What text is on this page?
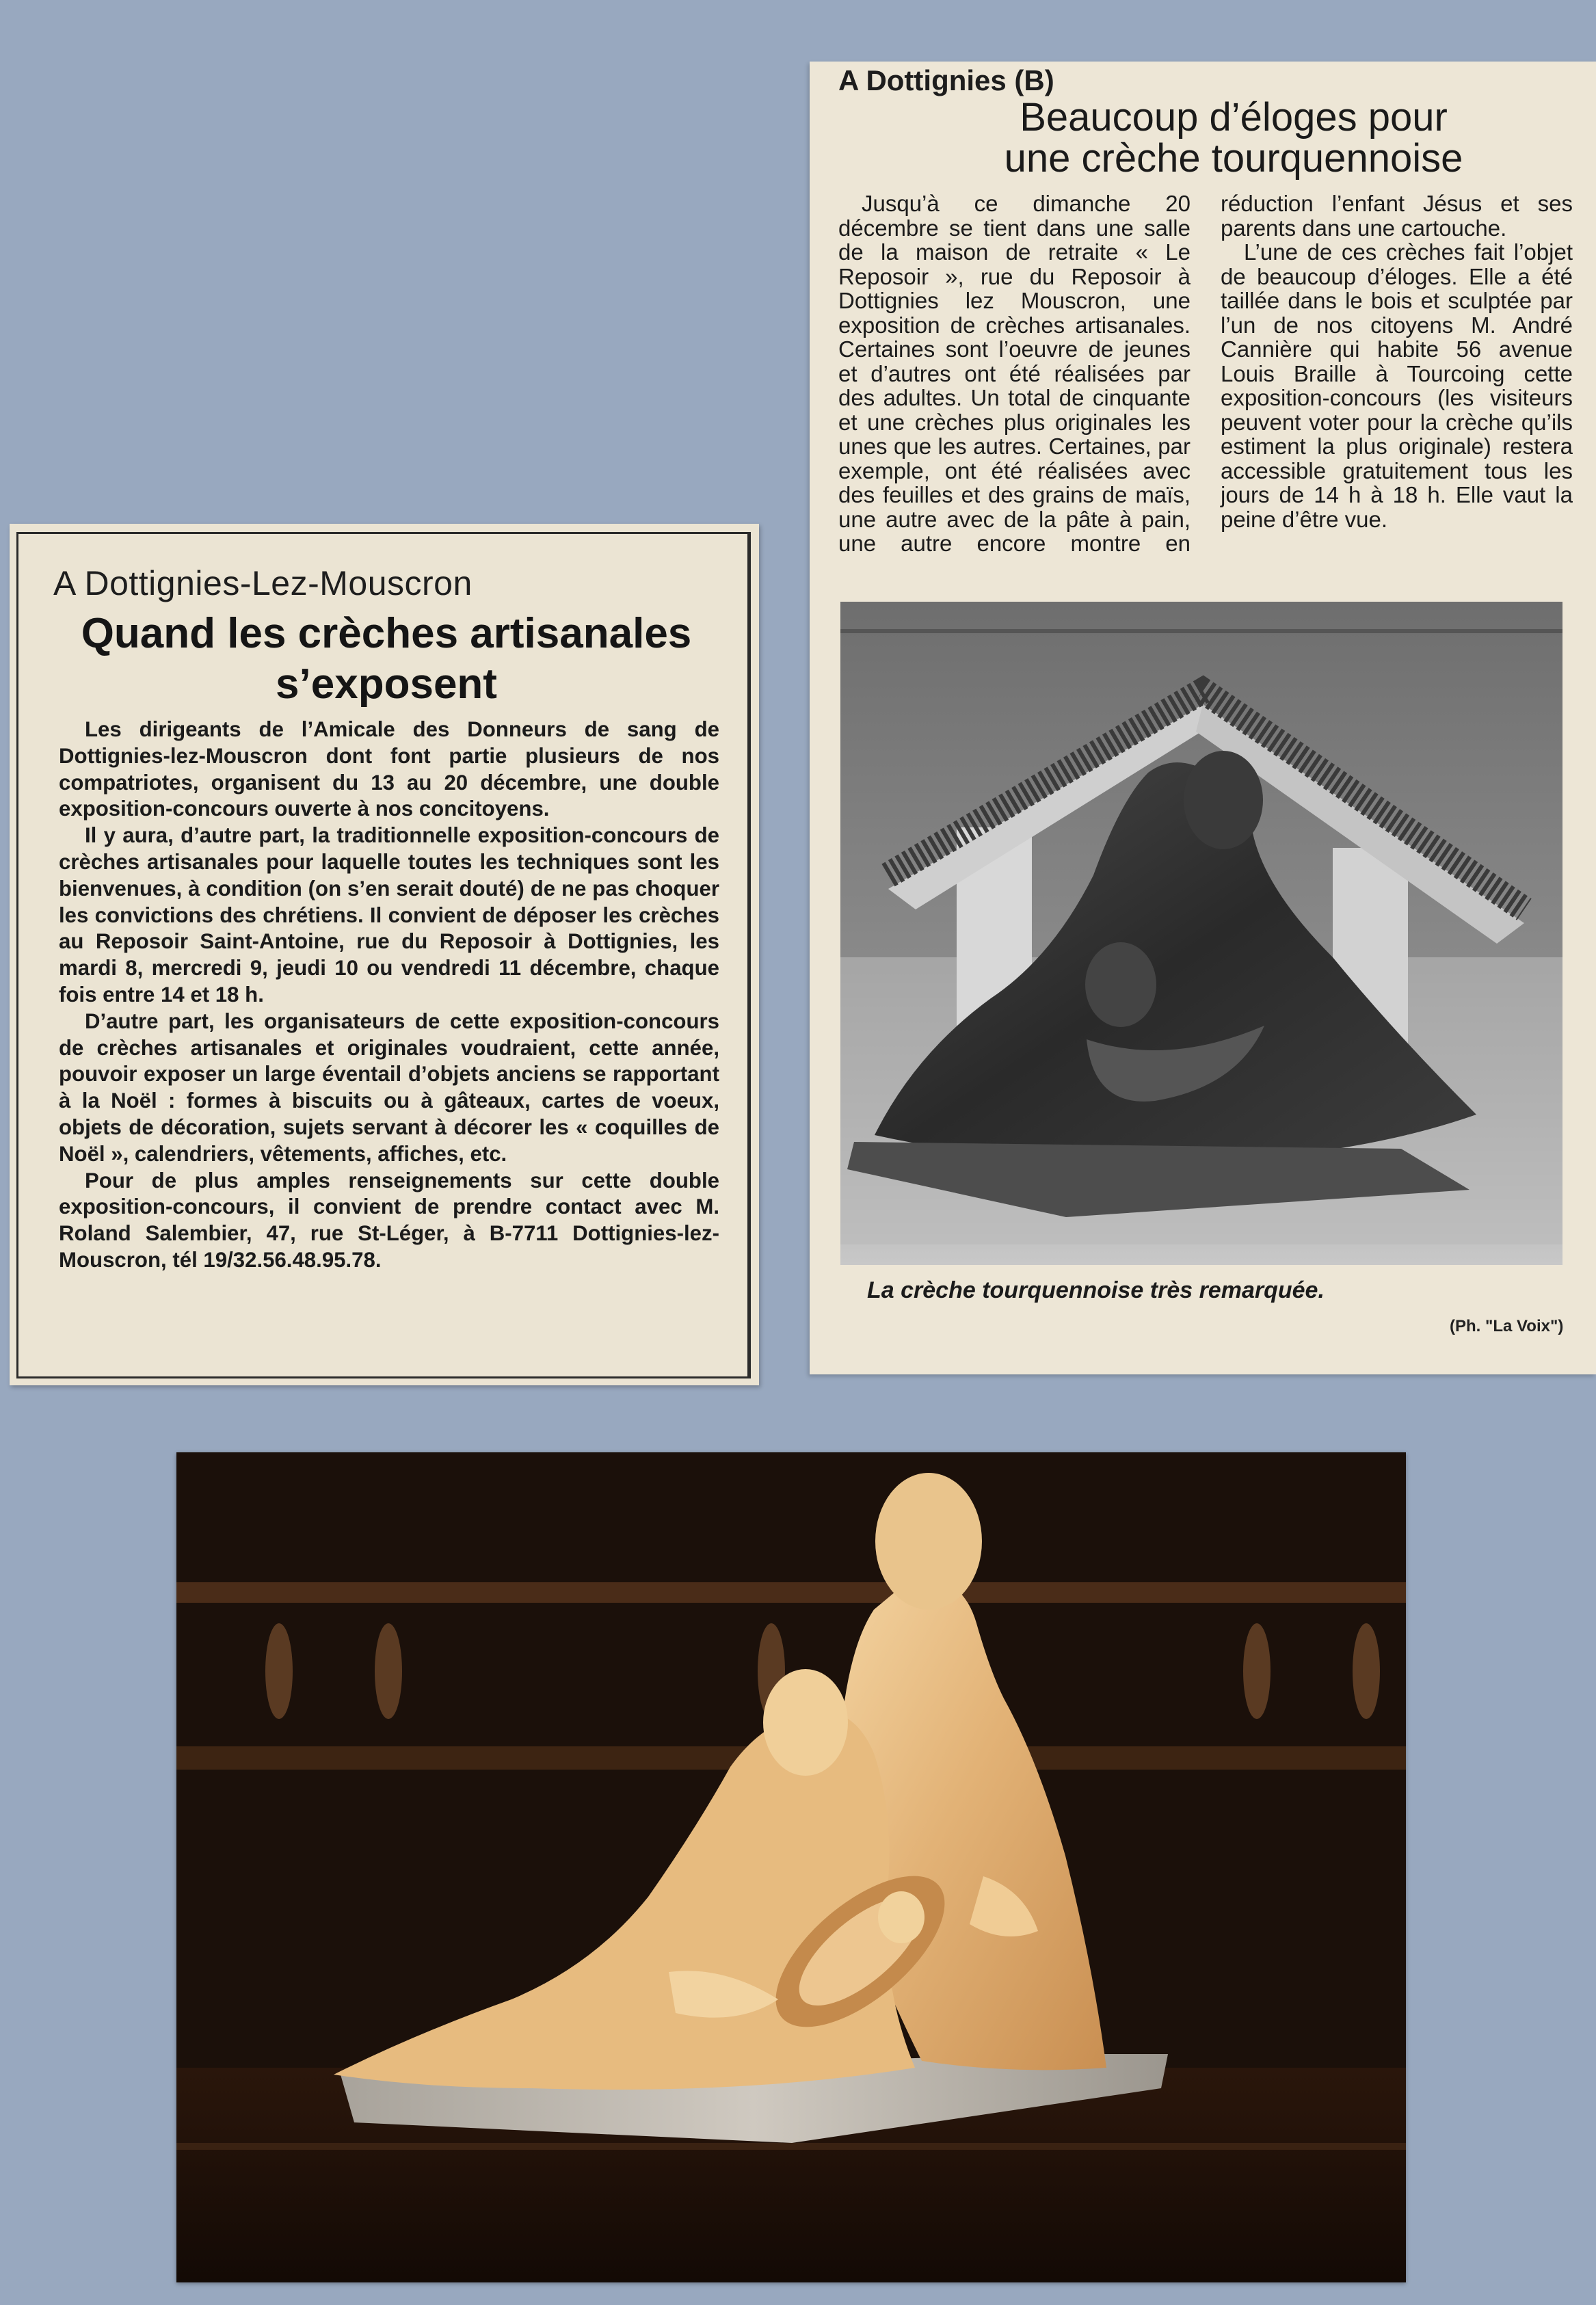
A Dottignies-Lez-Mouscron
Quand les crèches artisanales s’exposent

Les dirigeants de l’Amicale des Donneurs de sang de Dottignies-lez-Mouscron dont font partie plusieurs de nos compatriotes, organisent du 13 au 20 décembre, une double exposition-concours ouverte à nos concitoyens.

Il y aura, d’autre part, la traditionnelle exposition-concours de crèches artisanales pour laquelle toutes les techniques sont les bienvenues, à condition (on s’en serait douté) de ne pas choquer les convictions des chrétiens. Il convient de déposer les crèches au Reposoir Saint-Antoine, rue du Reposoir à Dottignies, les mardi 8, mercredi 9, jeudi 10 ou vendredi 11 décembre, chaque fois entre 14 et 18 h.

D’autre part, les organisateurs de cette exposition-concours de crèches artisanales et originales voudraient, cette année, pouvoir exposer un large éventail d’objets anciens se rapportant à la Noël : formes à biscuits ou à gâteaux, cartes de voeux, objets de décoration, sujets servant à décorer les « coquilles de Noël », calendriers, vêtements, affiches, etc.

Pour de plus amples renseignements sur cette double exposition-concours, il convient de prendre contact avec M. Roland Salembier, 47, rue St-Léger, à B-7711 Dottignies-lez-Mouscron, tél 19/32.56.48.95.78.

A Dottignies (B)
Beaucoup d’éloges pour
une crèche tourquennoise

Jusqu’à ce dimanche 20 décembre se tient dans une salle de la maison de retraite « Le Reposoir », rue du Reposoir à Dottignies lez Mouscron, une exposition de crèches artisanales. Certaines sont l’oeuvre de jeunes et d’autres ont été réalisées par des adultes. Un total de cinquante et une crèches plus originales les unes que les autres. Certaines, par exemple, ont été réalisées avec des feuilles et des grains de maïs, une autre avec de la pâte à pain, une autre encore montre en réduction l’enfant Jésus et ses parents dans une cartouche.

L’une de ces crèches fait l’objet de beaucoup d’éloges. Elle a été taillée dans le bois et sculptée par l’un de nos citoyens M. André Cannière qui habite 56 avenue Louis Braille à Tourcoing cette exposition-concours (les visiteurs peuvent voter pour la crèche qu’ils estiment la plus originale) restera accessible gratuitement tous les jours de 14 h à 18 h. Elle vaut la peine d’être vue.

La crèche tourquennoise très remarquée.
(Ph. "La Voix")
